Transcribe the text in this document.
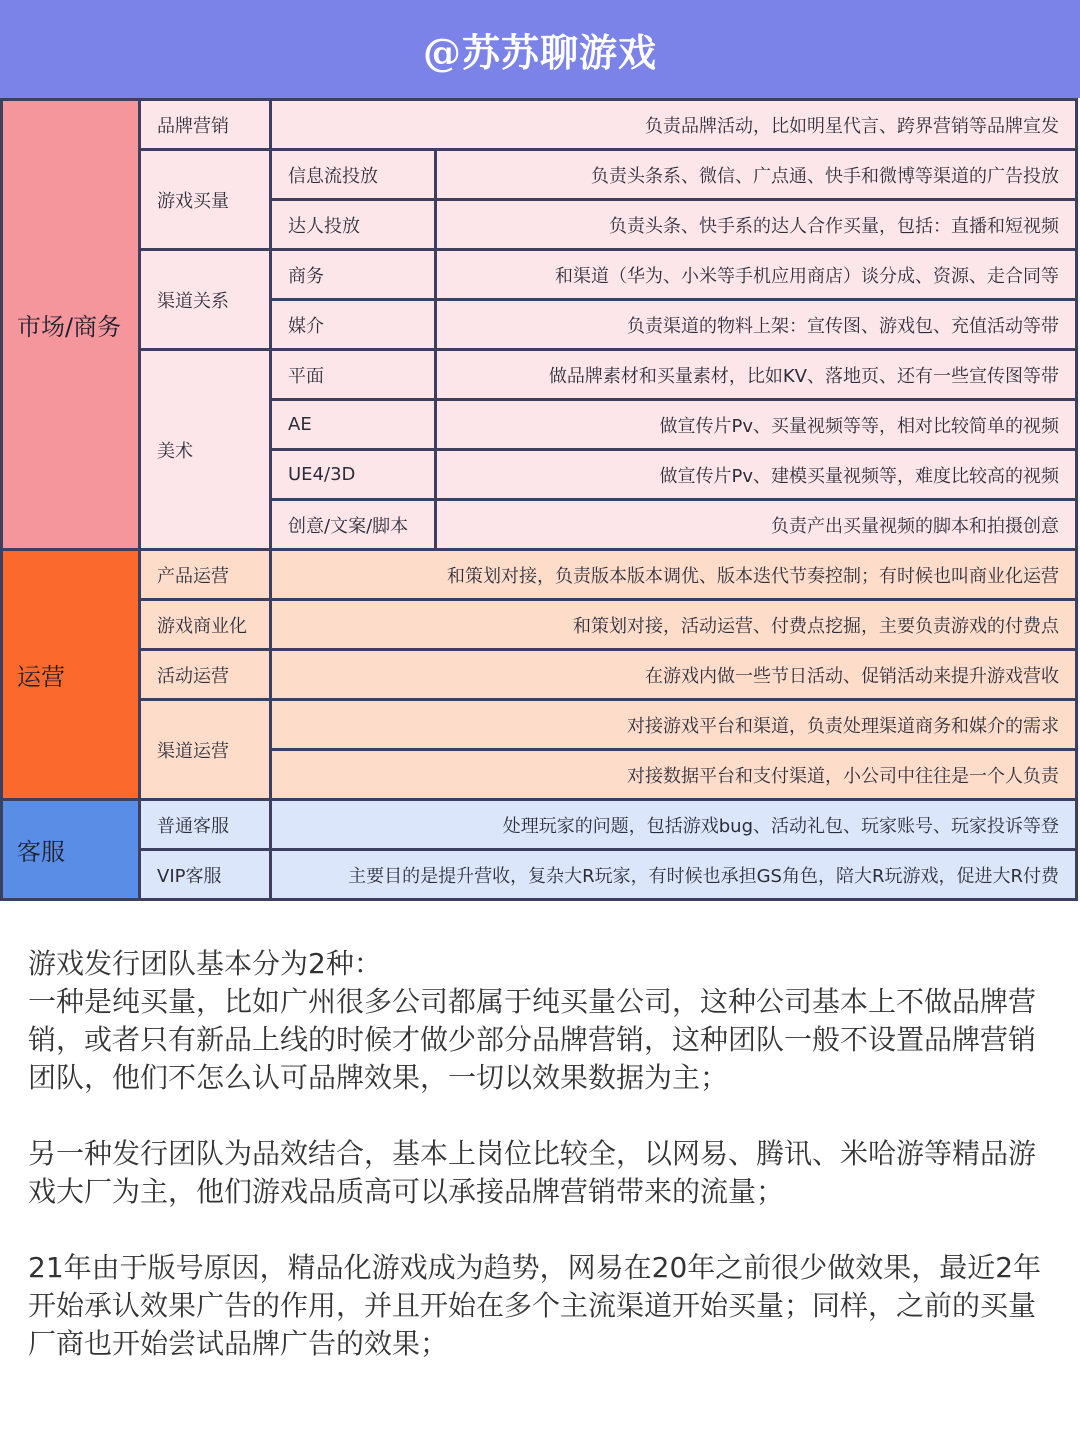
@苏苏聊游戏
市场/商务	品牌营销	负责品牌活动，比如明星代言、跨界营销等品牌宣发	
	游戏买量	信息流投放	负责头条系、微信、广点通、快手和微博等渠道的广告投放
		达人投放	负责头条、快手系的达人合作买量，包括：直播和短视频
	渠道关系	商务	和渠道（华为、小米等手机应用商店）谈分成、资源、走合同等
		媒介	负责渠道的物料上架：宣传图、游戏包、充值活动等带
	美术	平面	做品牌素材和买量素材，比如KV、落地页、还有一些宣传图等带
		AE	做宣传片Pv、买量视频等等，相对比较简单的视频
		UE4/3D	做宣传片Pv、建模买量视频等，难度比较高的视频
		创意/文案/脚本	负责产出买量视频的脚本和拍摄创意
运营	产品运营	和策划对接，负责版本版本调优、版本迭代节奏控制；有时候也叫商业化运营	
	游戏商业化	和策划对接，活动运营、付费点挖掘，主要负责游戏的付费点	
	活动运营	在游戏内做一些节日活动、促销活动来提升游戏营收	
	渠道运营	对接游戏平台和渠道，负责处理渠道商务和媒介的需求	
		对接数据平台和支付渠道，小公司中往往是一个人负责	
客服	普通客服	处理玩家的问题，包括游戏bug、活动礼包、玩家账号、玩家投诉等登	
	VIP客服	主要目的是提升营收，复杂大R玩家，有时候也承担GS角色，陪大R玩游戏，促进大R付费	
游戏发行团队基本分为2种：

一种是纯买量，比如广州很多公司都属于纯买量公司，这种公司基本上不做品牌营销，或者只有新品上线的时候才做少部分品牌营销，这种团队一般不设置品牌营销团队，他们不怎么认可品牌效果，一切以效果数据为主；

另一种发行团队为品效结合，基本上岗位比较全，以网易、腾讯、米哈游等精品游戏大厂为主，他们游戏品质高可以承接品牌营销带来的流量；

21年由于版号原因，精品化游戏成为趋势，网易在20年之前很少做效果，最近2年开始承认效果广告的作用，并且开始在多个主流渠道开始买量；同样，之前的买量厂商也开始尝试品牌广告的效果；
